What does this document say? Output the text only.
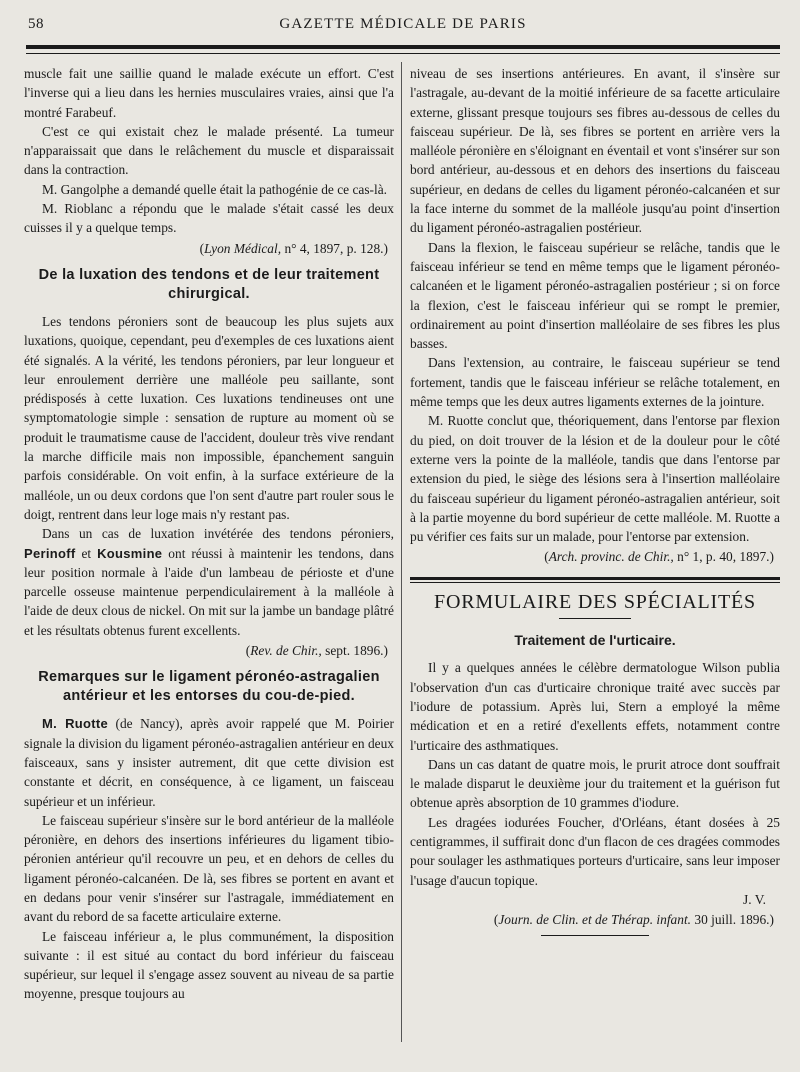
58	GAZETTE MÉDICALE DE PARIS

muscle fait une saillie quand le malade exécute un effort. C'est l'inverse qui a lieu dans les hernies musculaires vraies, ainsi que l'a montré Farabeuf.

C'est ce qui existait chez le malade présenté. La tumeur n'apparaissait que dans le relâchement du muscle et disparaissait dans la contraction.

M. Gangolphe a demandé quelle était la pathogénie de ce cas-là.

M. Rioblanc a répondu que le malade s'était cassé les deux cuisses il y a quelque temps.

(Lyon Médical, n° 4, 1897, p. 128.)

De la luxation des tendons et de leur traitement chirurgical.

Les tendons péroniers sont de beaucoup les plus sujets aux luxations, quoique, cependant, peu d'exemples de ces luxations aient été signalés. A la vérité, les tendons péroniers, par leur longueur et leur enroulement derrière une malléole peu saillante, sont prédisposés à cette luxation. Ces luxations tendineuses ont une symptomatologie simple : sensation de rupture au moment où se produit le traumatisme cause de l'accident, douleur très vive rendant la marche difficile mais non impossible, épanchement sanguin parfois considérable. On voit enfin, à la surface extérieure de la malléole, un ou deux cordons que l'on sent d'autre part rouler sous le doigt, rentrent dans leur loge mais n'y restant pas.

Dans un cas de luxation invétérée des tendons péroniers, Perinoff et Kousmine ont réussi à maintenir les tendons, dans leur position normale à l'aide d'un lambeau de périoste et d'une parcelle osseuse maintenue perpendiculairement à la malléole à l'aide de deux clous de nickel. On mit sur la jambe un bandage plâtré et les résultats obtenus furent excellents.

(Rev. de Chir., sept. 1896.)

Remarques sur le ligament péronéo-astragalien antérieur et les entorses du cou-de-pied.

M. Ruotte (de Nancy), après avoir rappelé que M. Poirier signale la division du ligament péronéo-astragalien antérieur en deux faisceaux, sans y insister autrement, dit que cette division est constante et décrit, en conséquence, à ce ligament, un faisceau supérieur et un inférieur.

Le faisceau supérieur s'insère sur le bord antérieur de la malléole péronière, en dehors des insertions inférieures du ligament tibio-péronien antérieur qu'il recouvre un peu, et en dehors de celles du ligament péronéo-calcanéen. De là, ses fibres se portent en avant et en dedans pour venir s'insérer sur l'astragale, immédiatement en avant du rebord de sa facette articulaire externe.

Le faisceau inférieur a, le plus communément, la disposition suivante : il est situé au contact du bord inférieur du faisceau supérieur, sur lequel il s'engage assez souvent au niveau de sa partie moyenne, presque toujours au

niveau de ses insertions antérieures. En avant, il s'insère sur l'astragale, au-devant de la moitié inférieure de sa facette articulaire externe, glissant presque toujours ses fibres au-dessous de celles du faisceau supérieur. De là, ses fibres se portent en arrière vers la malléole péronière en s'éloignant en éventail et vont s'insérer sur son bord antérieur, au-dessous et en dehors des insertions du faisceau supérieur, en dedans de celles du ligament péronéo-calcanéen et sur la face interne du sommet de la malléole jusqu'au point d'insertion du ligament péronéo-astragalien postérieur.

Dans la flexion, le faisceau supérieur se relâche, tandis que le faisceau inférieur se tend en même temps que le ligament péronéo-calcanéen et le ligament péronéo-astragalien postérieur ; si on force la flexion, c'est le faisceau inférieur qui se rompt le premier, ordinairement au point d'insertion malléolaire de ses fibres les plus basses.

Dans l'extension, au contraire, le faisceau supérieur se tend fortement, tandis que le faisceau inférieur se relâche totalement, en même temps que les deux autres ligaments externes de la jointure.

M. Ruotte conclut que, théoriquement, dans l'entorse par flexion du pied, on doit trouver de la lésion et de la douleur pour le côté externe vers la pointe de la malléole, tandis que dans l'entorse par extension du pied, le siège des lésions sera à l'insertion malléolaire du faisceau supérieur du ligament péronéo-astragalien antérieur, soit à la partie moyenne du bord supérieur de cette malléole. M. Ruotte a pu vérifier ces faits sur un malade, pour l'entorse par extension.

(Arch. provinc. de Chir., n° 1, p. 40, 1897.)

FORMULAIRE DES SPÉCIALITÉS
Traitement de l'urticaire.

Il y a quelques années le célèbre dermatologue Wilson publia l'observation d'un cas d'urticaire chronique traité avec succès par l'iodure de potassium. Après lui, Stern a employé la même médication et en a retiré d'exellents effets, notamment contre l'urticaire des asthmatiques.

Dans un cas datant de quatre mois, le prurit atroce dont souffrait le malade disparut le deuxième jour du traitement et la guérison fut obtenue après absorption de 10 grammes d'iodure.

Les dragées iodurées Foucher, d'Orléans, étant dosées à 25 centigrammes, il suffirait donc d'un flacon de ces dragées commodes pour soulager les asthmatiques porteurs d'urticaire, sans leur imposer l'usage d'aucun topique.

J. V.

(Journ. de Clin. et de Thérap. infant. 30 juill. 1896.)
